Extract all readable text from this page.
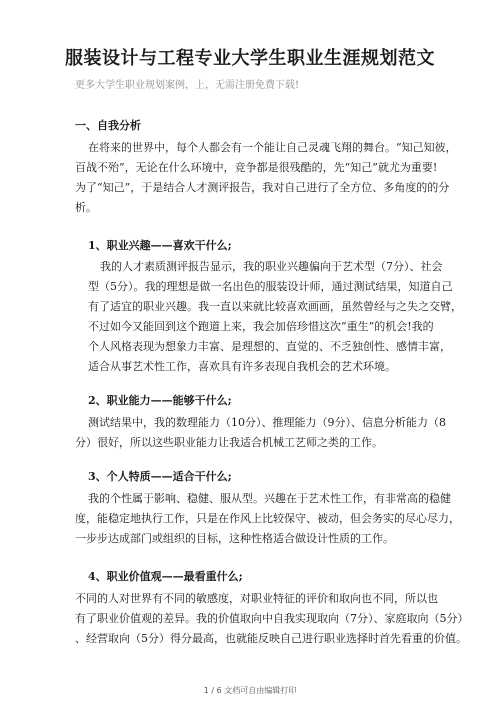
服装设计与工程专业大学生职业生涯规划范文
更多大学生职业规划案例，上，无需注册免费下载!
一、自我分析
在将来的世界中，每个人都会有一个能让自己灵魂飞翔的舞台。“知己知彼，
百战不殆”，无论在什么环境中，竞争都是很残酷的，先“知己”就尤为重要!
为了“知己”，于是结合人才测评报告，我对自己进行了全方位、多角度的的分
析。
1、职业兴趣——喜欢干什么;
我的人才素质测评报告显示，我的职业兴趣偏向于艺术型（7分）、社会
型（5分）。我的理想是做一名出色的服装设计师，通过测试结果，知道自己
有了适宜的职业兴趣。我一直以来就比较喜欢画画，虽然曾经与之失之交臂，
不过如今又能回到这个跑道上来，我会加倍珍惜这次“重生”的机会!我的
个人风格表现为想象力丰富、是理想的、直觉的、不乏独创性、感情丰富，
适合从事艺术性工作，喜欢具有许多表现自我机会的艺术环境。
2、职业能力——能够干什么;
测试结果中，我的数理能力（10分）、推理能力（9分）、信息分析能力（8
分）很好，所以这些职业能力让我适合机械工艺师之类的工作。
3、个人特质——适合干什么;
我的个性属于影响、稳健、服从型。兴趣在于艺术性工作，有非常高的稳健
度，能稳定地执行工作，只是在作风上比较保守、被动，但会务实的尽心尽力，
一步步达成部门或组织的目标，这种性格适合做设计性质的工作。
4、职业价值观——最看重什么;
不同的人对世界有不同的敏感度，对职业特征的评价和取向也不同，所以也
有了职业价值观的差异。我的价值取向中自我实现取向（7分）、家庭取向（5分）
、经营取向（5分）得分最高，也就能反映自己进行职业选择时首先看重的价值。
1 / 6 文档可自由编辑打印
